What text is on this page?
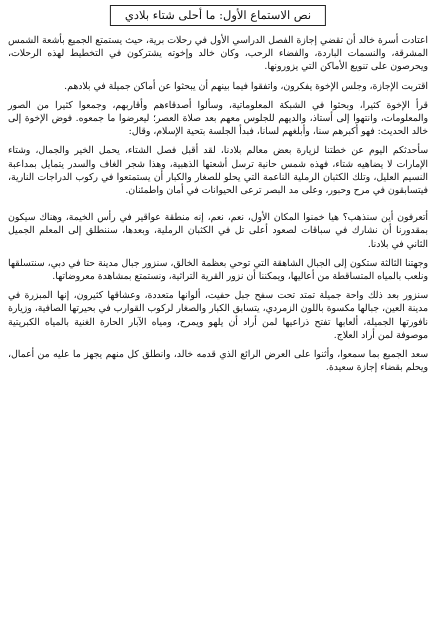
نص الاستماع الأول: ما أحلى شتاء بلادي

اعتادت أسرة خالد أن تقضي إجازة الفصل الدراسي الأول في رحلات برية، حيث يستمتع الجميع بأشعة الشمس المشرقة، والنسمات الباردة، والفضاء الرحب، وكان خالد وإخوته يشتركون في التخطيط لهذه الرحلات، ويحرصون على تنويع الأماكن التي يزورونها.

اقتربت الإجازة، وجلس الإخوة يفكرون، واتفقوا فيما بينهم أن يبحثوا عن أماكن جميلة في بلادهم.

قرأ الإخوة كثيرا، وبحثوا في الشبكة المعلوماتية، وسألوا أصدقاءهم وأقاربهم، وجمعوا كثيرا من الصور والمعلومات، وانتهوا إلى أستاذ، والديهم للجلوس معهم بعد صلاة العصر؛ ليعرضوا ما جمعوه. فوض الإخوة إلى خالد الحديث: فهو أكبرهم سنا، وأبلغهم لسانا، فبدأ الجلسة بتحية الإسلام، وقال:

سأحدثكم اليوم عن خطتنا لزيارة بعض معالم بلادنا، لقد أقبل فصل الشتاء، يحمل الخير والجمال، وشتاء الإمارات لا يضاهيه شتاء، فهذه شمس حانية ترسل أشعتها الذهبية، وهذا شجر الغاف والسدر يتمايل بمداعبة النسيم العليل، وتلك الكثبان الرملية الناعمة التي يحلو للصغار والكبار أن يستمتعوا في ركوب الدراجات النارية، فيتسابقون في مرح وحبور، وعلى مد البصر ترعى الحيوانات في أمان واطمئنان.

أتعرفون أين سنذهب؟ هيا خمنوا المكان الأول، نعم، نعم، إنه منطقة عواقير في رأس الخيمة، وهناك سيكون بمقدورنا أن نشارك في سباقات لصعود أعلى تل في الكثبان الرملية، وبعدها، سننطلق إلى المعلم الجميل الثاني في بلادنا.

وجهتنا الثالثة ستكون إلى الجبال الشاهقة التي توحي بعظمة الخالق، سنزور جبال مدينة حتا في دبي، سنتسلقها ونلعب بالمياه المتساقطة من أعاليها، ويمكننا أن نزور القرية التراثية، ونستمتع بمشاهدة معروضاتها.

سنزور بعد ذلك واحة جميلة تمتد تحت سفح جبل حفيت، ألوانها متعددة، وعشاقها كثيرون، إنها المبزرة في مدينة العين، جبالها مكسوة باللون الزمردي، يتسابق الكبار والصغار لركوب القوارب في بحيرتها الصافية، وزيارة نافورتها الجميلة، ألعابها تفتح ذراعيها لمن أراد أن يلهو ويمرح، ومياه الآبار الحارة الغنية بالمياه الكبريتية موصوفة لمن أراد العلاج.

سعد الجميع بما سمعوا، وأثنوا على العرض الرائع الذي قدمه خالد، وانطلق كل منهم يجهز ما عليه من أعمال، ويحلم بقضاء إجازة سعيدة.
